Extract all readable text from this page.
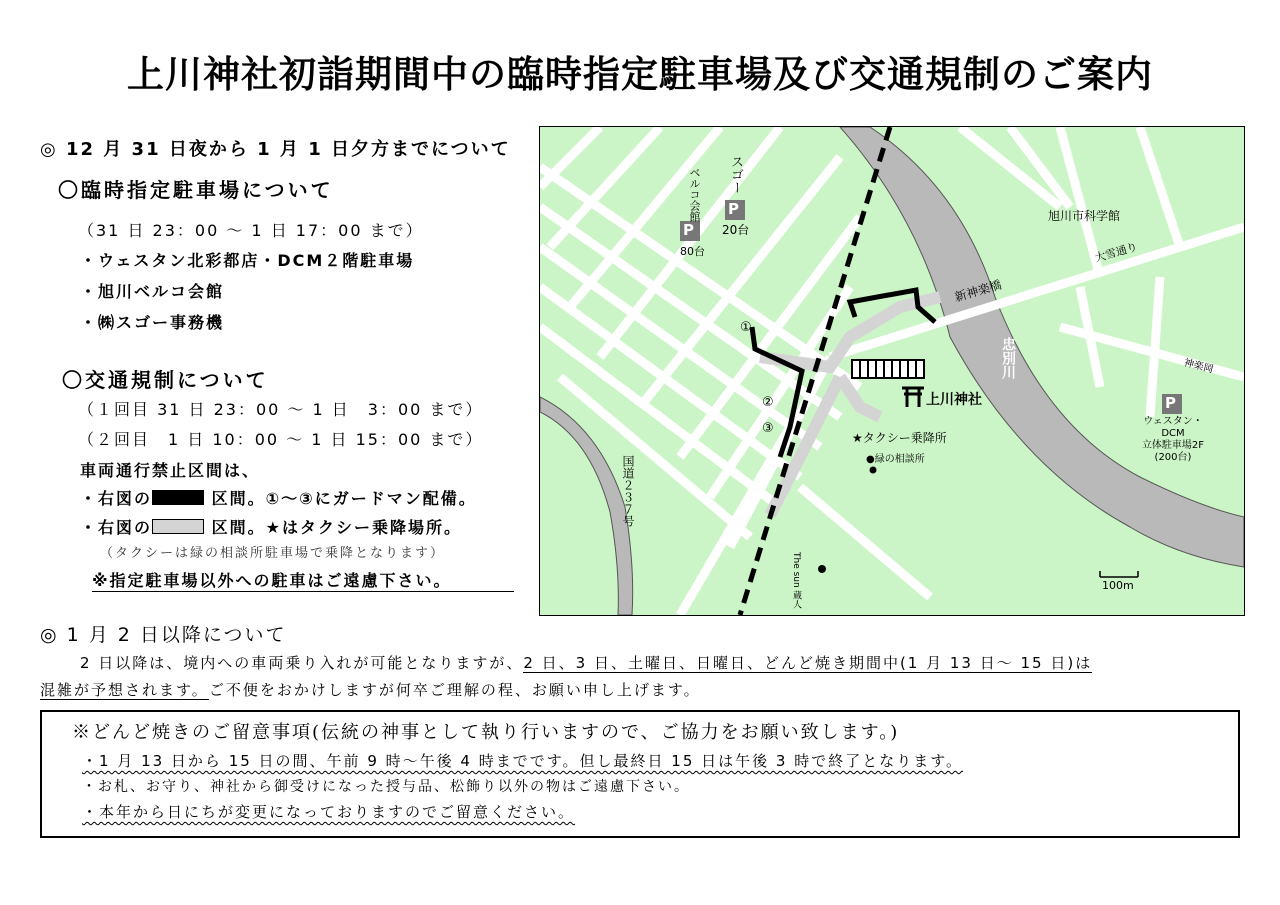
上川神社初詣期間中の臨時指定駐車場及び交通規制のご案内
◎ 12 月 31 日夜から 1 月 1 日夕方までについて
〇臨時指定駐車場について
（31 日 23：00 ～ 1 日 17：00 まで）
・ウェスタン北彩都店・DCM２階駐車場
・旭川ベルコ会館
・㈱スゴー事務機
〇交通規制について
（１回目 31 日 23：00 ～ 1 日　3：00 まで）
（２回目　1 日 10：00 ～ 1 日 15：00 まで）
車両通行禁止区間は、
・右図の	区間。①～③にガードマン配備。
・右図の	区間。★はタクシー乗降場所。
（タクシーは緑の相談所駐車場で乗降となります）
※指定駐車場以外への駐車はご遠慮下さい。
P
P
P
ベルコ会館
80台
スゴー
20台
旭川市科学館
大雪通り
新神楽橋
忠別川	神楽岡
上川神社
★タクシー乗降所
●緑の相談所
ウェスタン・DCM
立体駐車場2F
(200台)
国道２３７号
The sun 蔵人	100m
①
②
③
◎ 1 月 2 日以降について
2 日以降は、境内への車両乗り入れが可能となりますが、2 日、3 日、土曜日、日曜日、どんど焼き期間中(1 月 13 日～ 15 日)は
混雑が予想されます。ご不便をおかけしますが何卒ご理解の程、お願い申し上げます。
※どんど焼きのご留意事項(伝統の神事として執り行いますので、ご協力をお願い致します。)
・1 月 13 日から 15 日の間、午前 9 時～午後 4 時までです。但し最終日 15 日は午後 3 時で終了となります。
・お札、お守り、神社から御受けになった授与品、松飾り以外の物はご遠慮下さい。
・本年から日にちが変更になっておりますのでご留意ください。
